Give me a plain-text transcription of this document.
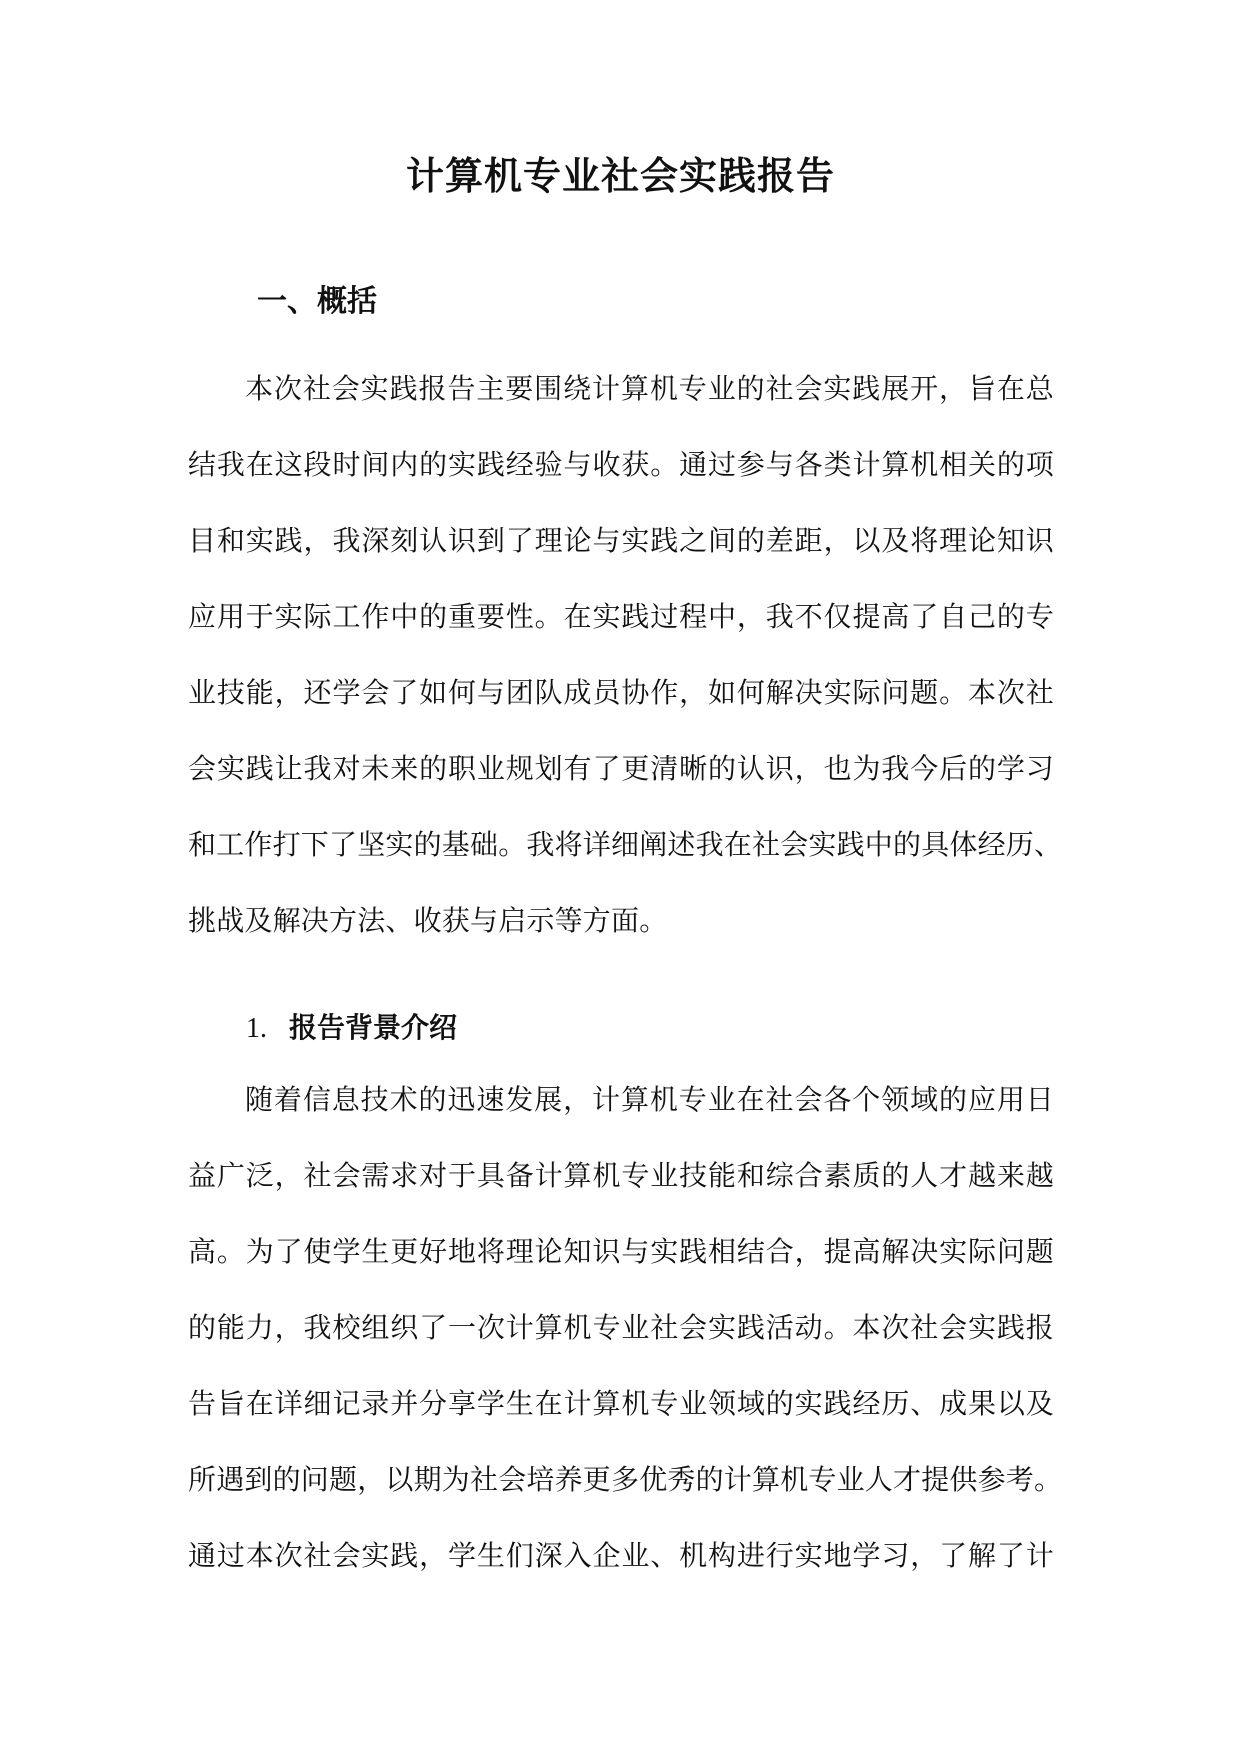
计算机专业社会实践报告
一、概括
本次社会实践报告主要围绕计算机专业的社会实践展开，旨在总
结我在这段时间内的实践经验与收获。通过参与各类计算机相关的项
目和实践，我深刻认识到了理论与实践之间的差距，以及将理论知识
应用于实际工作中的重要性。在实践过程中，我不仅提高了自己的专
业技能，还学会了如何与团队成员协作，如何解决实际问题。本次社
会实践让我对未来的职业规划有了更清晰的认识，也为我今后的学习
和工作打下了坚实的基础。我将详细阐述我在社会实践中的具体经历、
挑战及解决方法、收获与启示等方面。
1. 报告背景介绍
随着信息技术的迅速发展，计算机专业在社会各个领域的应用日
益广泛，社会需求对于具备计算机专业技能和综合素质的人才越来越
高。为了使学生更好地将理论知识与实践相结合，提高解决实际问题
的能力，我校组织了一次计算机专业社会实践活动。本次社会实践报
告旨在详细记录并分享学生在计算机专业领域的实践经历、成果以及
所遇到的问题，以期为社会培养更多优秀的计算机专业人才提供参考。
通过本次社会实践，学生们深入企业、机构进行实地学习，了解了计
